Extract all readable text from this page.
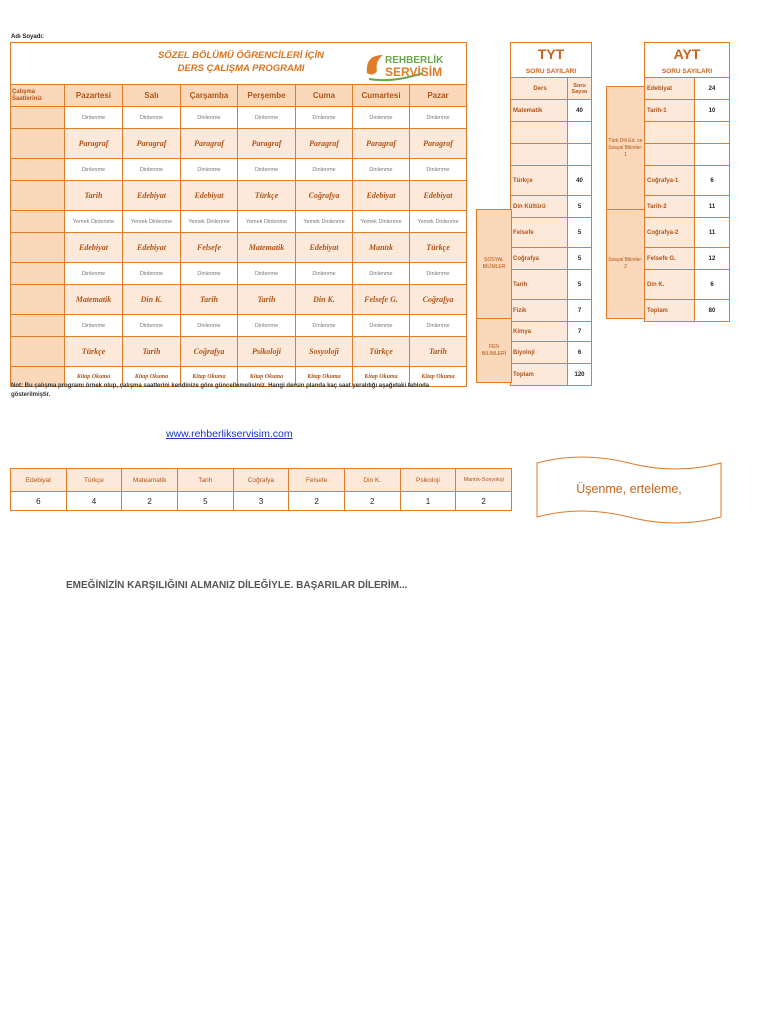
Adı Soyadı:
SÖZEL BÖLÜMÜ ÖĞRENCİLERİ İÇİN
DERS ÇALIŞMA PROGRAMI
REHBERLİK
SERVİSİM							

Çalışma Saatleriniz	Pazartesi	Salı	Çarşamba	Perşembe	Cuma	Cumartesi	Pazar
	Dinlenme	Dinlenme	Dinlenme	Dinlenme	Dinlenme	Dinlenme	Dinlenme
	Paragraf	Paragraf	Paragraf	Paragraf	Paragraf	Paragraf	Paragraf
	Dinlenme	Dinlenme	Dinlenme	Dinlenme	Dinlenme	Dinlenme	Dinlenme
	Tarih	Edebiyat	Edebiyat	Türkçe	Coğrafya	Edebiyat	Edebiyat
	Yemek Dinlenme	Yemek Dinlenme	Yemek Dinlenme	Yemek Dinlenme	Yemek Dinlenme	Yemek Dinlenme	Yemek Dinlenme
	Edebiyat	Edebiyat	Felsefe	Matematik	Edebiyat	Mantık	Türkçe
	Dinlenme	Dinlenme	Dinlenme	Dinlenme	Dinlenme	Dinlenme	Dinlenme
	Matematik	Din K.	Tarih	Tarih	Din K.	Felsefe G.	Coğrafya
	Dinlenme	Dinlenme	Dinlenme	Dinlenme	Dinlenme	Dinlenme	Dinlenme
	Türkçe	Tarih	Coğrafya	Psikoloji	Sosyoloji	Türkçe	Tarih
	Kitap Okuma	Kitap Okuma	Kitap Okuma	Kitap Okuma	Kitap Okuma	Kitap Okuma	Kitap Okuma
Not: Bu çalışma programı örnek olup, çalışma saatlerini kendinize göre güncellemelisiniz. Hangi dersin planda kaç saat yeraldığı aşağıdaki tabloda gösterilmiştir.
www.rehberlikservisim.com
TYT	
SORU SAYILARI	
Ders	Soru Sayısı
Matematik	40

Türkçe	40
Din Kültürü	5
Felsefe	5
Coğrafya	5
Tarih	5
Fizik	7
Kimya	7
Biyoloji	6
Toplam	120
SOSYAL BİLİMLER
FEN BİLİMLERİ
AYT	
SORU SAYILARI	
Edebiyat	24
Tarih-1	10

Coğrafya-1	6
Tarih-2	11
Coğrafya-2	11
Felsefe G.	12
Din K.	6
Toplam	80
Türk Dili Ed. ve Sosyal Bilimler-1
Sosyal Bilimler-2
Edebiyat	Türkçe	Mateamatik	Tarih	Coğrafya	Felsefe	Din K.	Psikoloji	Mantık-Sosyoloji
6	4	2	5	3	2	2	1	2
Üşenme, erteleme,
EMEĞİNİZİN KARŞILIĞINI ALMANIZ DİLEĞİYLE. BAŞARILAR DİLERİM...
